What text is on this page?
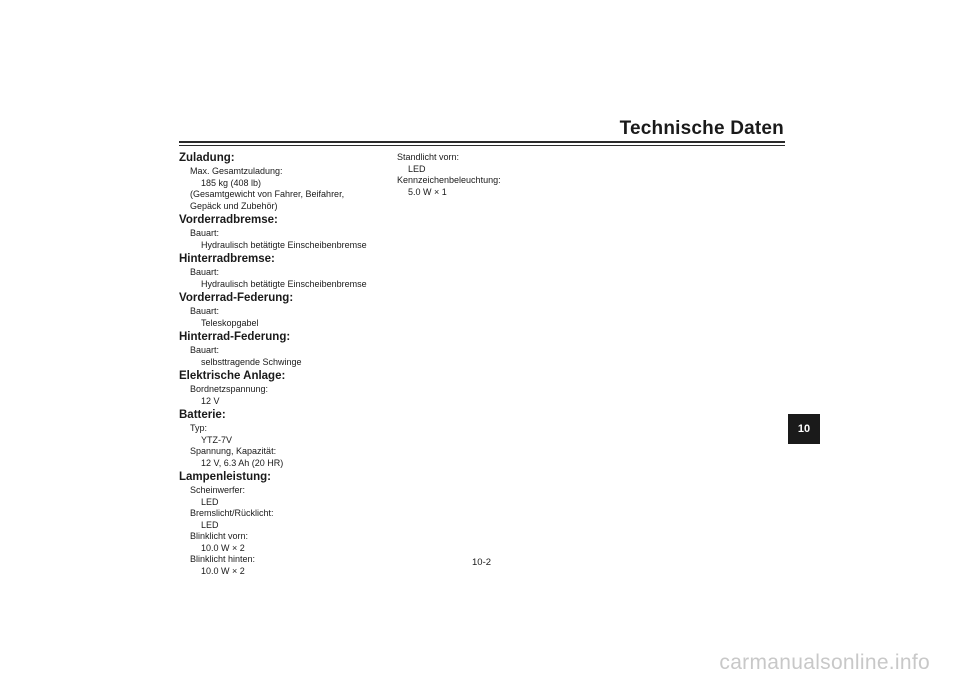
Technische Daten
Zuladung:
Max. Gesamtzuladung:
185 kg (408 lb)
(Gesamtgewicht von Fahrer, Beifahrer,
Gepäck und Zubehör)
Vorderradbremse:
Bauart:
Hydraulisch betätigte Einscheibenbremse
Hinterradbremse:
Bauart:
Hydraulisch betätigte Einscheibenbremse
Vorderrad-Federung:
Bauart:
Teleskopgabel
Hinterrad-Federung:
Bauart:
selbsttragende Schwinge
Elektrische Anlage:
Bordnetzspannung:
12 V
Batterie:
Typ:
YTZ-7V
Spannung, Kapazität:
12 V, 6.3 Ah (20 HR)
Lampenleistung:
Scheinwerfer:
LED
Bremslicht/Rücklicht:
LED
Blinklicht vorn:
10.0 W × 2
Blinklicht hinten:
10.0 W × 2
Standlicht vorn:
LED
Kennzeichenbeleuchtung:
5.0 W × 1
10
10-2
carmanualsonline.info
